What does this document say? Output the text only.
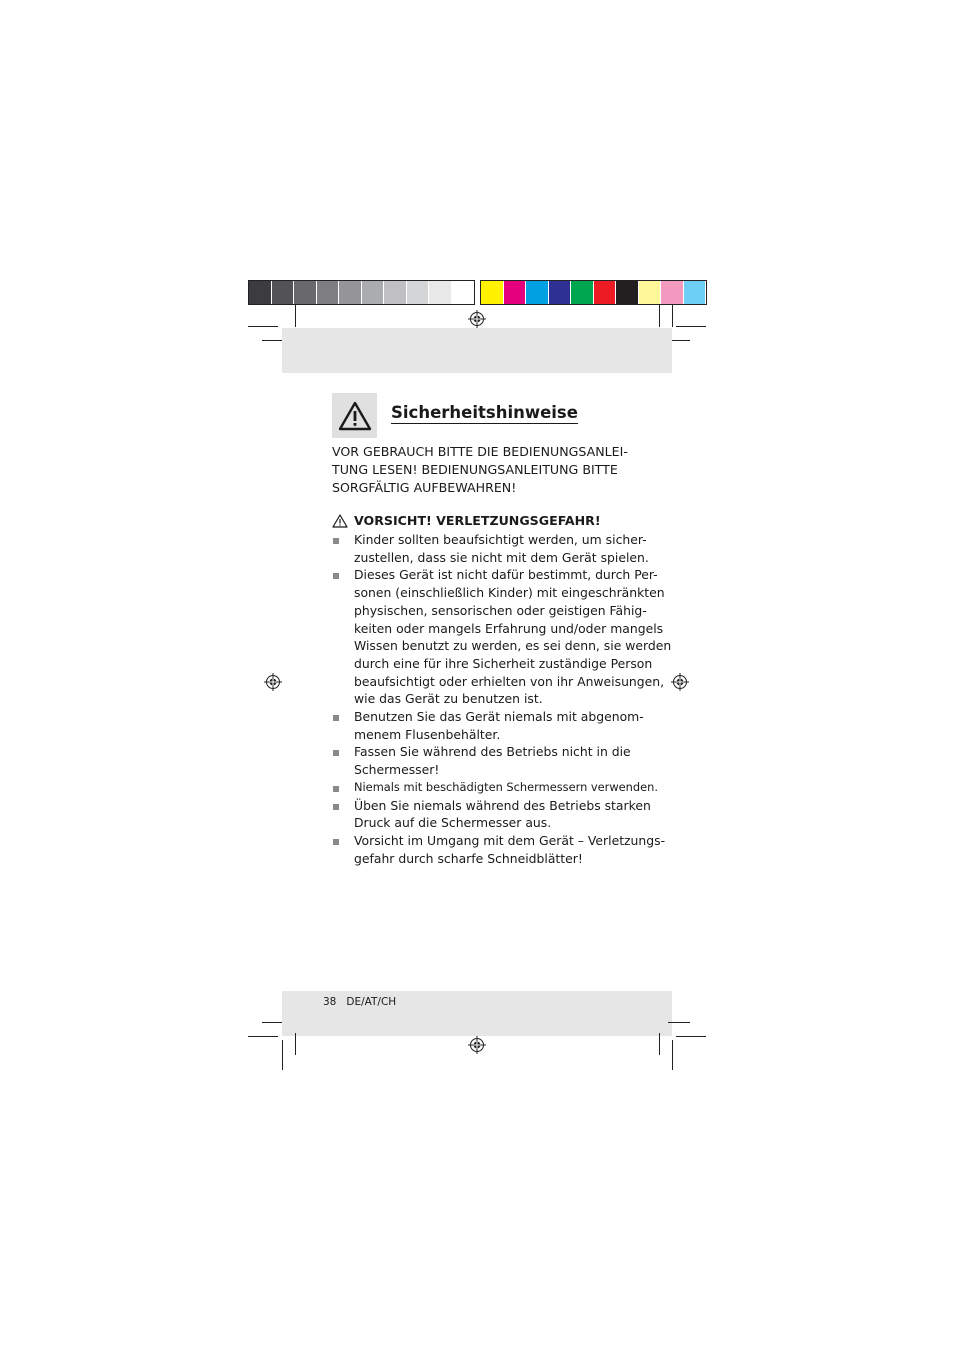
Sicherheitshinweise
VOR GEBRAUCH BITTE DIE BEDIENUNGSANLEI-
TUNG LESEN! BEDIENUNGSANLEITUNG BITTE
SORGFÄLTIG AUFBEWAHREN!
VORSICHT! VERLETZUNGSGEFAHR!
Kinder sollten beaufsichtigt werden, um sicher-
zustellen, dass sie nicht mit dem Gerät spielen.
Dieses Gerät ist nicht dafür bestimmt, durch Per-
sonen (einschließlich Kinder) mit eingeschränkten
physischen, sensorischen oder geistigen Fähig-
keiten oder mangels Erfahrung und/oder mangels
Wissen benutzt zu werden, es sei denn, sie werden
durch eine für ihre Sicherheit zuständige Person
beaufsichtigt oder erhielten von ihr Anweisungen,
wie das Gerät zu benutzen ist.
Benutzen Sie das Gerät niemals mit abgenom-
menem Flusenbehälter.
Fassen Sie während des Betriebs nicht in die
Schermesser!
Niemals mit beschädigten Schermessern verwenden.
Üben Sie niemals während des Betriebs starken
Druck auf die Schermesser aus.
Vorsicht im Umgang mit dem Gerät – Verletzungs-
gefahr durch scharfe Schneidblätter!
38 DE/AT/CH
